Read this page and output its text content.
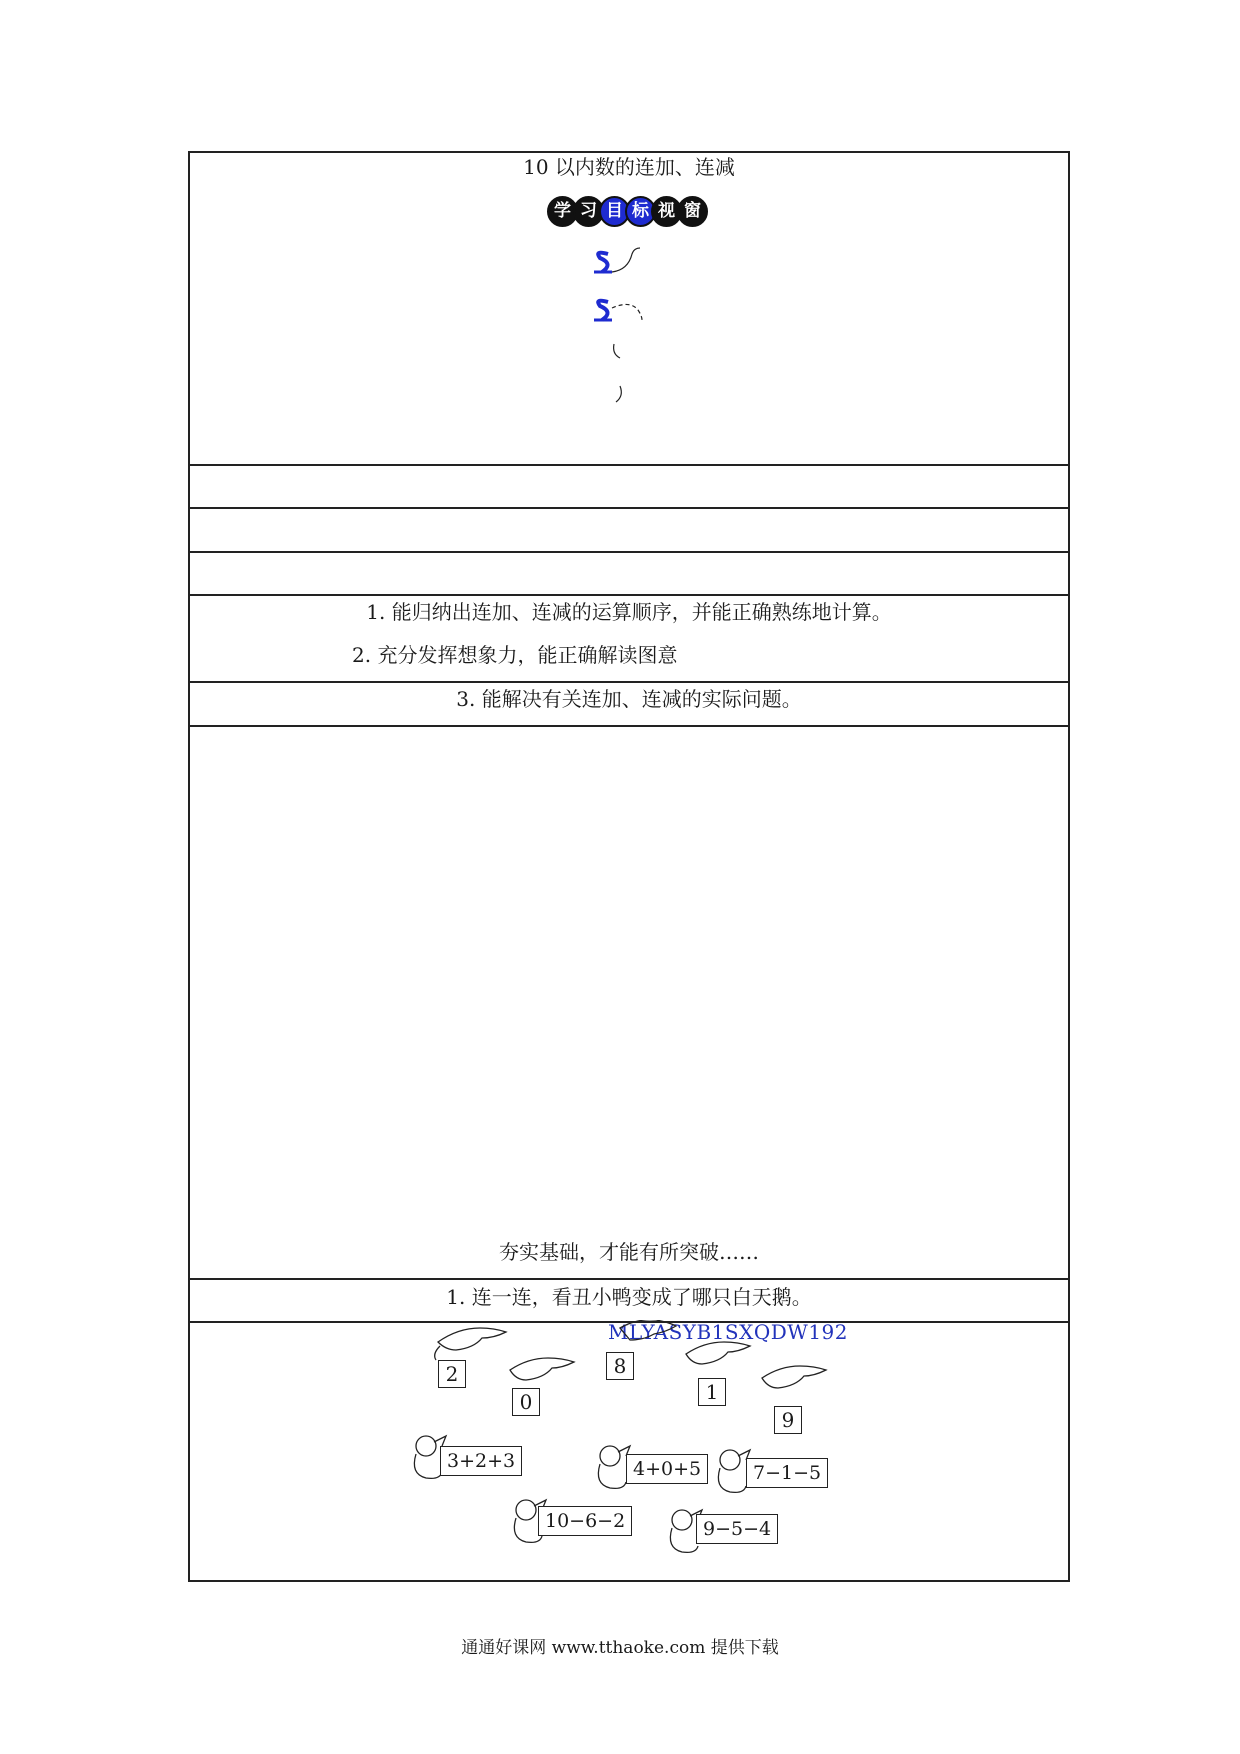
10 以内数的连加、连减
学 习 目 标 视 窗
1. 能归纳出连加、连减的运算顺序，并能正确熟练地计算。
2. 充分发挥想象力，能正确解读图意
3. 能解决有关连加、连减的实际问题。
夯实基础，才能有所突破……
1. 连一连，看丑小鸭变成了哪只白天鹅。
MLYASYB1SXQDW192
2
0
8
1
9
3+2+3	4+0+5	7−1−5
10−6−2	9−5−4
通通好课网 www.tthaoke.com 提供下载
